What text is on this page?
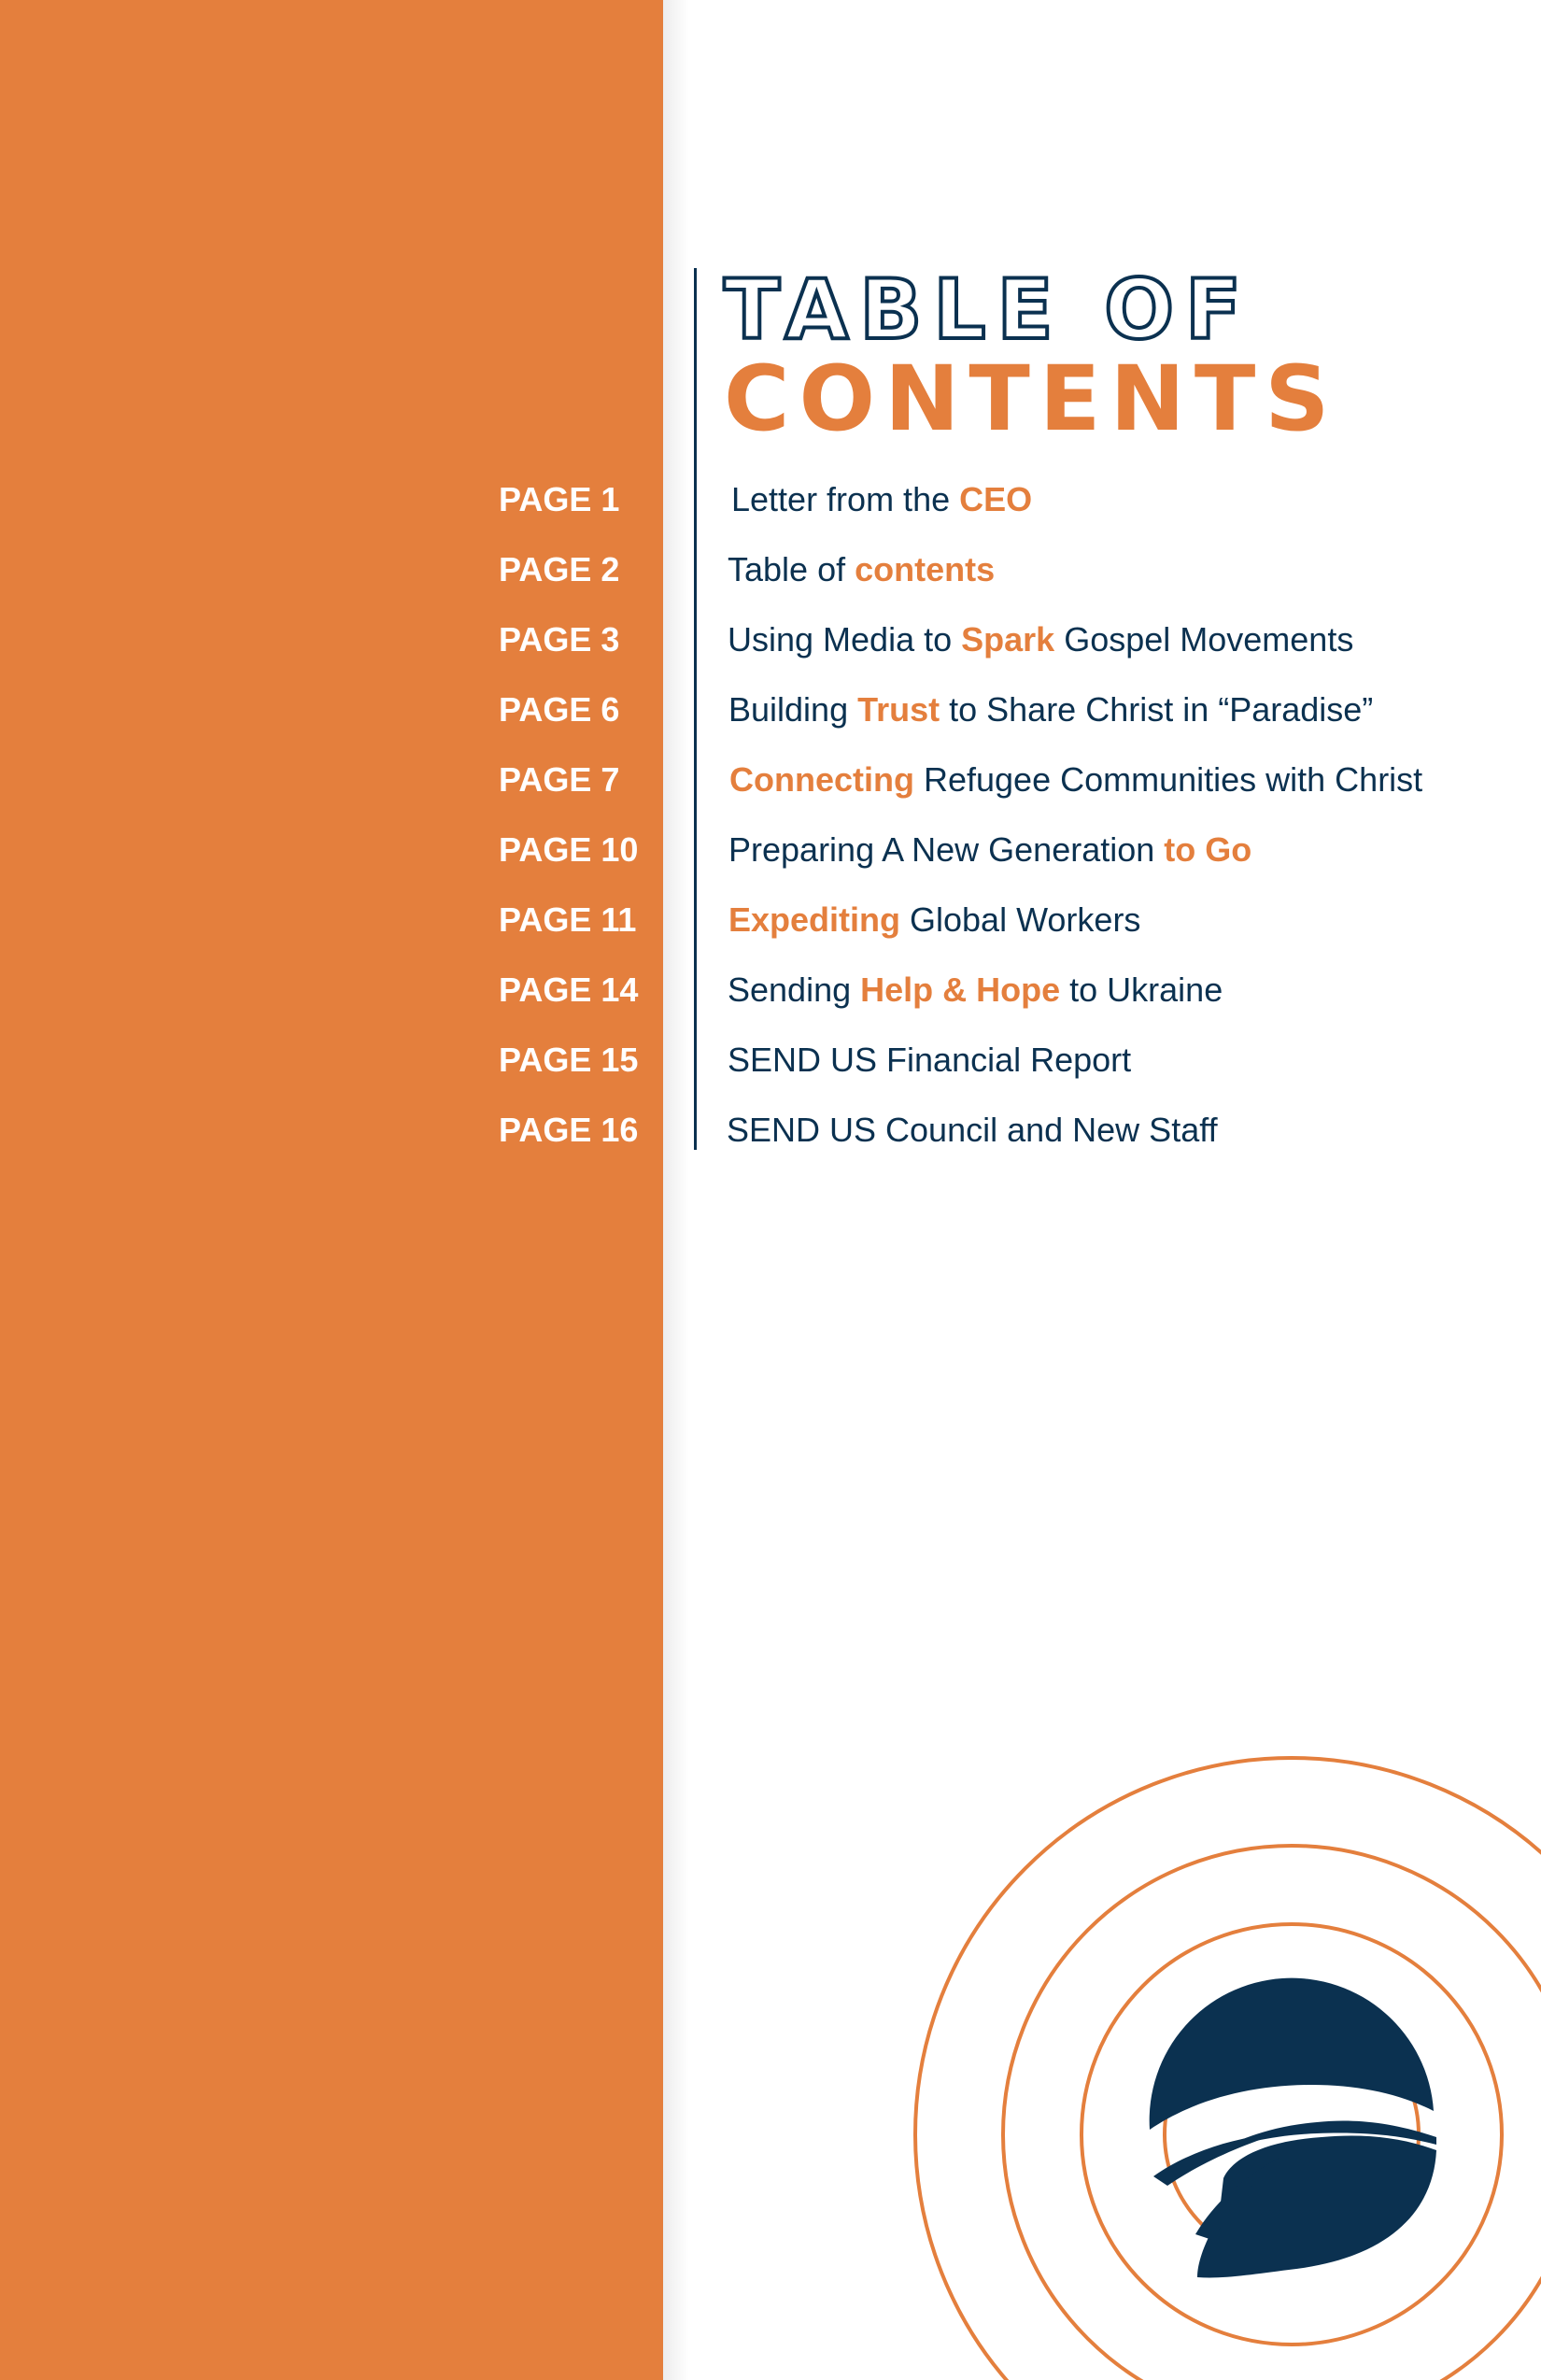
TABLE OF
CONTENTS
PAGE 1	Letter from the CEO
PAGE 2	Table of contents
PAGE 3	Using Media to Spark Gospel Movements
PAGE 6	Building Trust to Share Christ in “Paradise”
PAGE 7	Connecting Refugee Communities with Christ
PAGE 10	Preparing A New Generation to Go
PAGE 11	Expediting Global Workers
PAGE 14	Sending Help & Hope to Ukraine
PAGE 15	SEND US Financial Report
PAGE 16	SEND US Council and New Staff
